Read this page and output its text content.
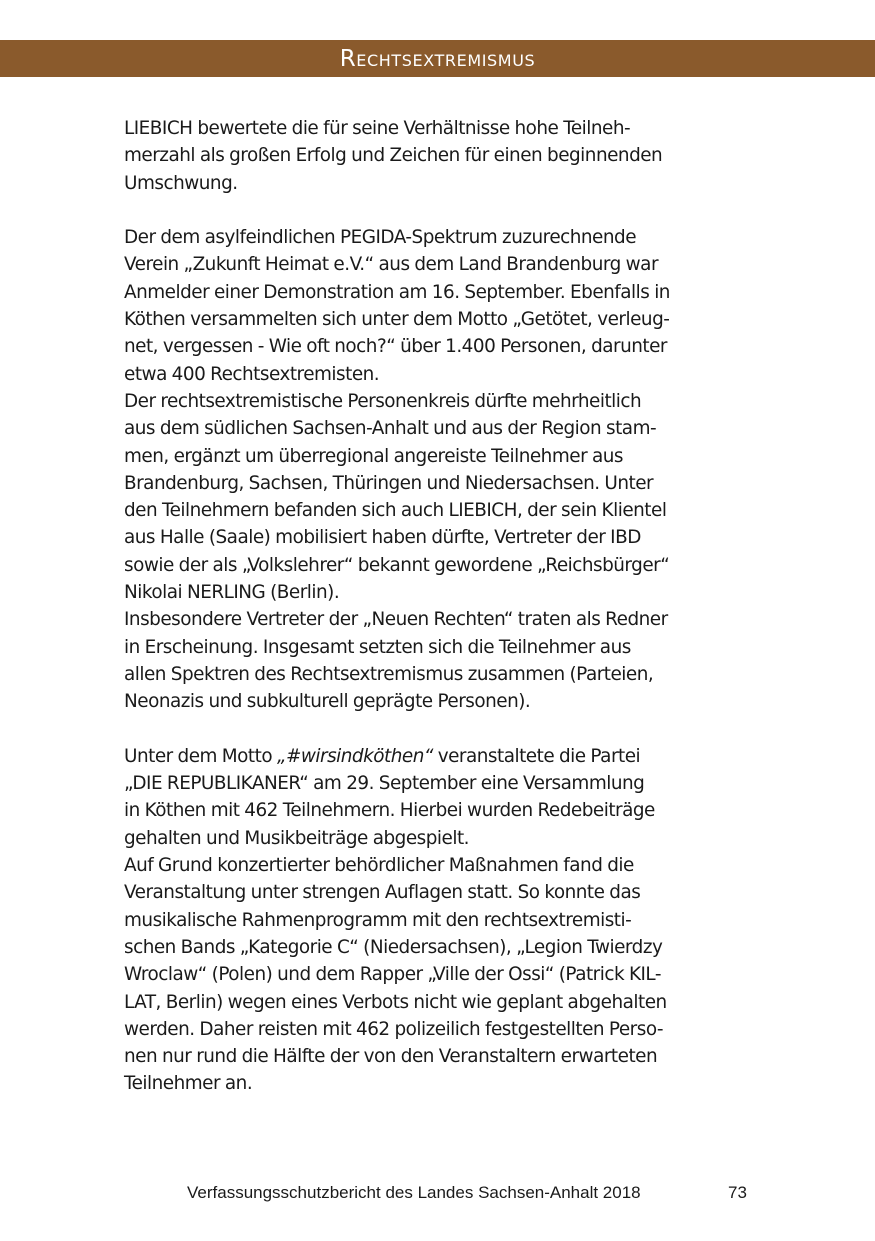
Rechtsextremismus

LIEBICH bewertete die für seine Verhältnisse hohe Teilneh-
merzahl als großen Erfolg und Zeichen für einen beginnenden
Umschwung.

Der dem asylfeindlichen PEGIDA-Spektrum zuzurechnende
Verein „Zukunft Heimat e.V.“ aus dem Land Brandenburg war
Anmelder einer Demonstration am 16. September. Ebenfalls in
Köthen versammelten sich unter dem Motto „Getötet, verleug-
net, vergessen - Wie oft noch?“ über 1.400 Personen, darunter
etwa 400 Rechtsextremisten.

Der rechtsextremistische Personenkreis dürfte mehrheitlich
aus dem südlichen Sachsen-Anhalt und aus der Region stam-
men, ergänzt um überregional angereiste Teilnehmer aus
Brandenburg, Sachsen, Thüringen und Niedersachsen. Unter
den Teilnehmern befanden sich auch LIEBICH, der sein Klientel
aus Halle (Saale) mobilisiert haben dürfte, Vertreter der IBD
sowie der als „Volkslehrer“ bekannt gewordene „Reichsbürger“
Nikolai NERLING (Berlin).

Insbesondere Vertreter der „Neuen Rechten“ traten als Redner
in Erscheinung. Insgesamt setzten sich die Teilnehmer aus
allen Spektren des Rechtsextremismus zusammen (Parteien,
Neonazis und subkulturell geprägte Personen).

Unter dem Motto „#wirsindköthen“ veranstaltete die Partei
„DIE REPUBLIKANER“ am 29. September eine Versammlung
in Köthen mit 462 Teilnehmern. Hierbei wurden Redebeiträge
gehalten und Musikbeiträge abgespielt.

Auf Grund konzertierter behördlicher Maßnahmen fand die
Veranstaltung unter strengen Auflagen statt. So konnte das
musikalische Rahmenprogramm mit den rechtsextremisti-
schen Bands „Kategorie C“ (Niedersachsen), „Legion Twierdzy
Wroclaw“ (Polen) und dem Rapper „Ville der Ossi“ (Patrick KIL-
LAT, Berlin) wegen eines Verbots nicht wie geplant abgehalten
werden. Daher reisten mit 462 polizeilich festgestellten Perso-
nen nur rund die Hälfte der von den Veranstaltern erwarteten
Teilnehmer an.

Verfassungsschutzbericht des Landes Sachsen-Anhalt 2018	73
